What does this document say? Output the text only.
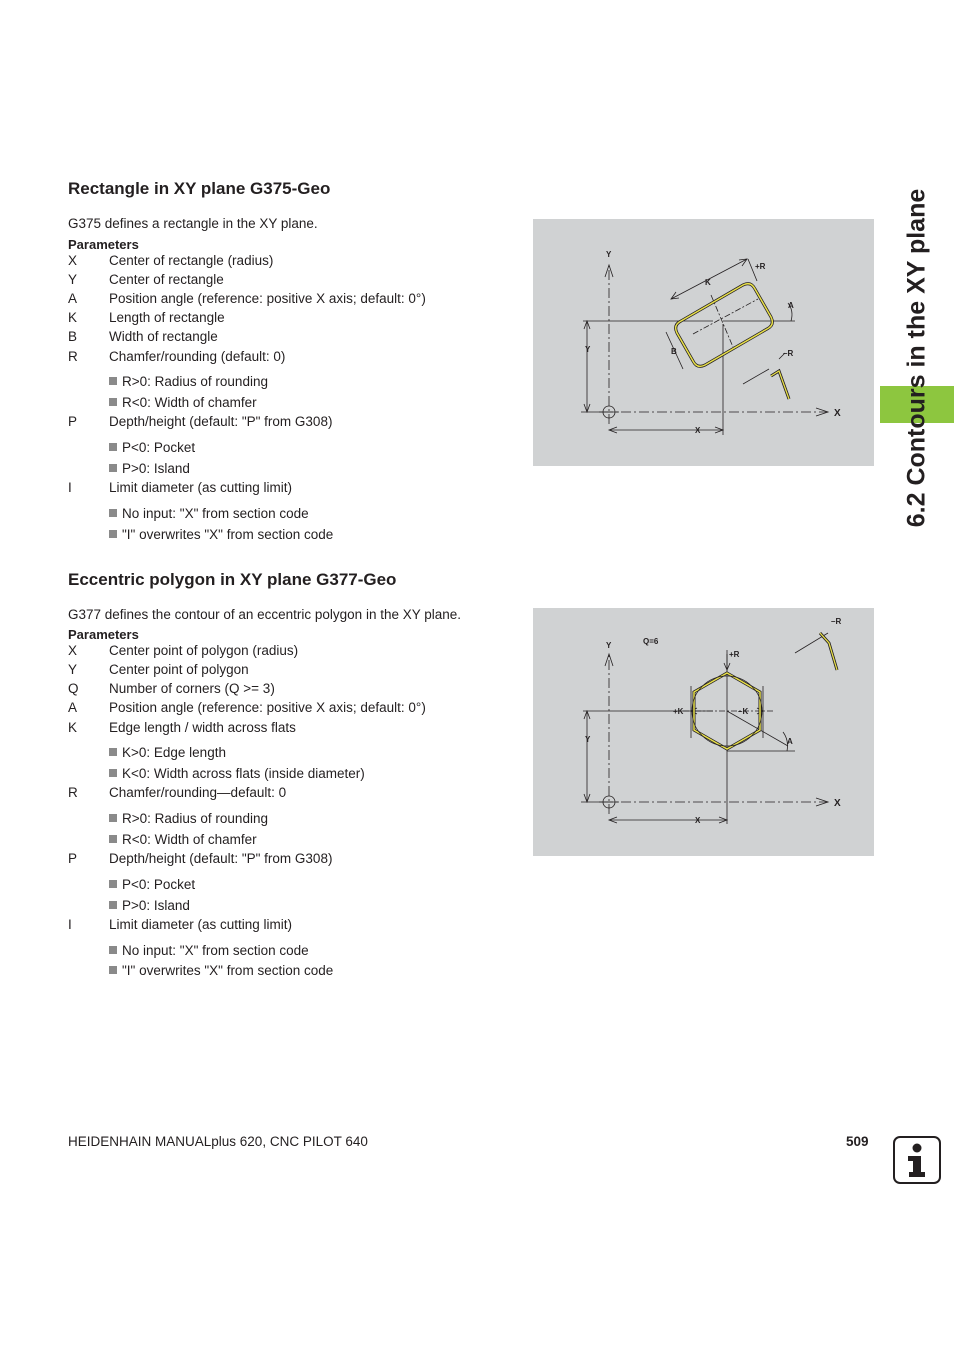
Rectangle in XY plane G375-Geo
G375 defines a rectangle in the XY plane.
Parameters
X Center of rectangle (radius)
Y Center of rectangle
A Position angle (reference: positive X axis; default: 0°)
K Length of rectangle
B Width of rectangle
R Chamfer/rounding (default: 0)
R>0: Radius of rounding
R<0: Width of chamfer
P Depth/height (default: "P" from G308)
P<0: Pocket
P>0: Island
I	Limit diameter (as cutting limit)
No input: "X" from section code
"I" overwrites "X" from section code
Y
X
+R
–R
K
A
B
Y
X
Eccentric polygon in XY plane G377-Geo
G377 defines the contour of an eccentric polygon in the XY plane.
Parameters
X Center point of polygon (radius)
Y Center point of polygon
Q Number of corners (Q >= 3)
A Position angle (reference: positive X axis; default: 0°)
K Edge length / width across flats
K>0: Edge length
K<0: Width across flats (inside diameter)
R Chamfer/rounding—default: 0
R>0: Radius of rounding
R<0: Width of chamfer
P Depth/height (default: "P" from G308)
P<0: Pocket
P>0: Island
I	Limit diameter (as cutting limit)
No input: "X" from section code
"I" overwrites "X" from section code
Y
X
Q=6
+R
–R
+K	–K
A
Y
X
6.2 Contours in the XY plane
HEIDENHAIN MANUALplus 620, CNC PILOT 640	509
